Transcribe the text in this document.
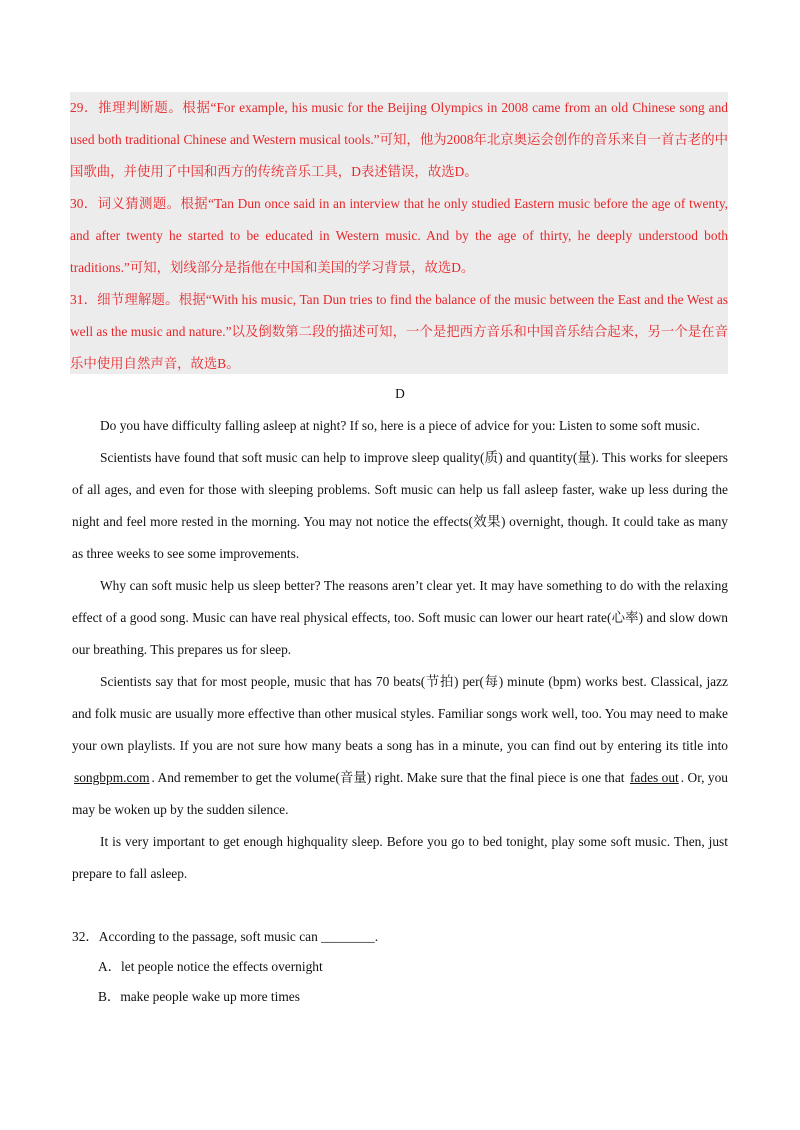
29．推理判断题。根据“For example, his music for the Beijing Olympics in 2008 came from an old Chinese song and used both traditional Chinese and Western musical tools.”可知，他为2008年北京奥运会创作的音乐来自一首古老的中国歌曲，并使用了中国和西方的传统音乐工具，D表述错误，故选D。

30．词义猜测题。根据“Tan Dun once said in an interview that he only studied Eastern music before the age of twenty, and after twenty he started to be educated in Western music. And by the age of thirty, he deeply understood both traditions.”可知，划线部分是指他在中国和美国的学习背景，故选D。

31．细节理解题。根据“With his music, Tan Dun tries to find the balance of the music between the East and the West as well as the music and nature.”以及倒数第二段的描述可知，一个是把西方音乐和中国音乐结合起来，另一个是在音乐中使用自然声音，故选B。

D

Do you have difficulty falling asleep at night? If so, here is a piece of advice for you: Listen to some soft music.

Scientists have found that soft music can help to improve sleep quality(质) and quantity(量). This works for sleepers of all ages, and even for those with sleeping problems. Soft music can help us fall asleep faster, wake up less during the night and feel more rested in the morning. You may not notice the effects(效果) overnight, though. It could take as many as three weeks to see some improvements.

Why can soft music help us sleep better? The reasons aren’t clear yet. It may have something to do with the relaxing effect of a good song. Music can have real physical effects, too. Soft music can lower our heart rate(心率) and slow down our breathing. This prepares us for sleep.

Scientists say that for most people, music that has 70 beats(节拍) per(每) minute (bpm) works best. Classical, jazz and folk music are usually more effective than other musical styles. Familiar songs work well, too. You may need to make your own playlists. If you are not sure how many beats a song has in a minute, you can find out by entering its title into songbpm.com . And remember to get the volume(音量) right. Make sure that the final piece is one that fades out . Or, you may be woken up by the sudden silence.

It is very important to get enough highquality sleep. Before you go to bed tonight, play some soft music. Then, just prepare to fall asleep.

32．According to the passage, soft music can ________.

A．let people notice the effects overnight

B．make people wake up more times
